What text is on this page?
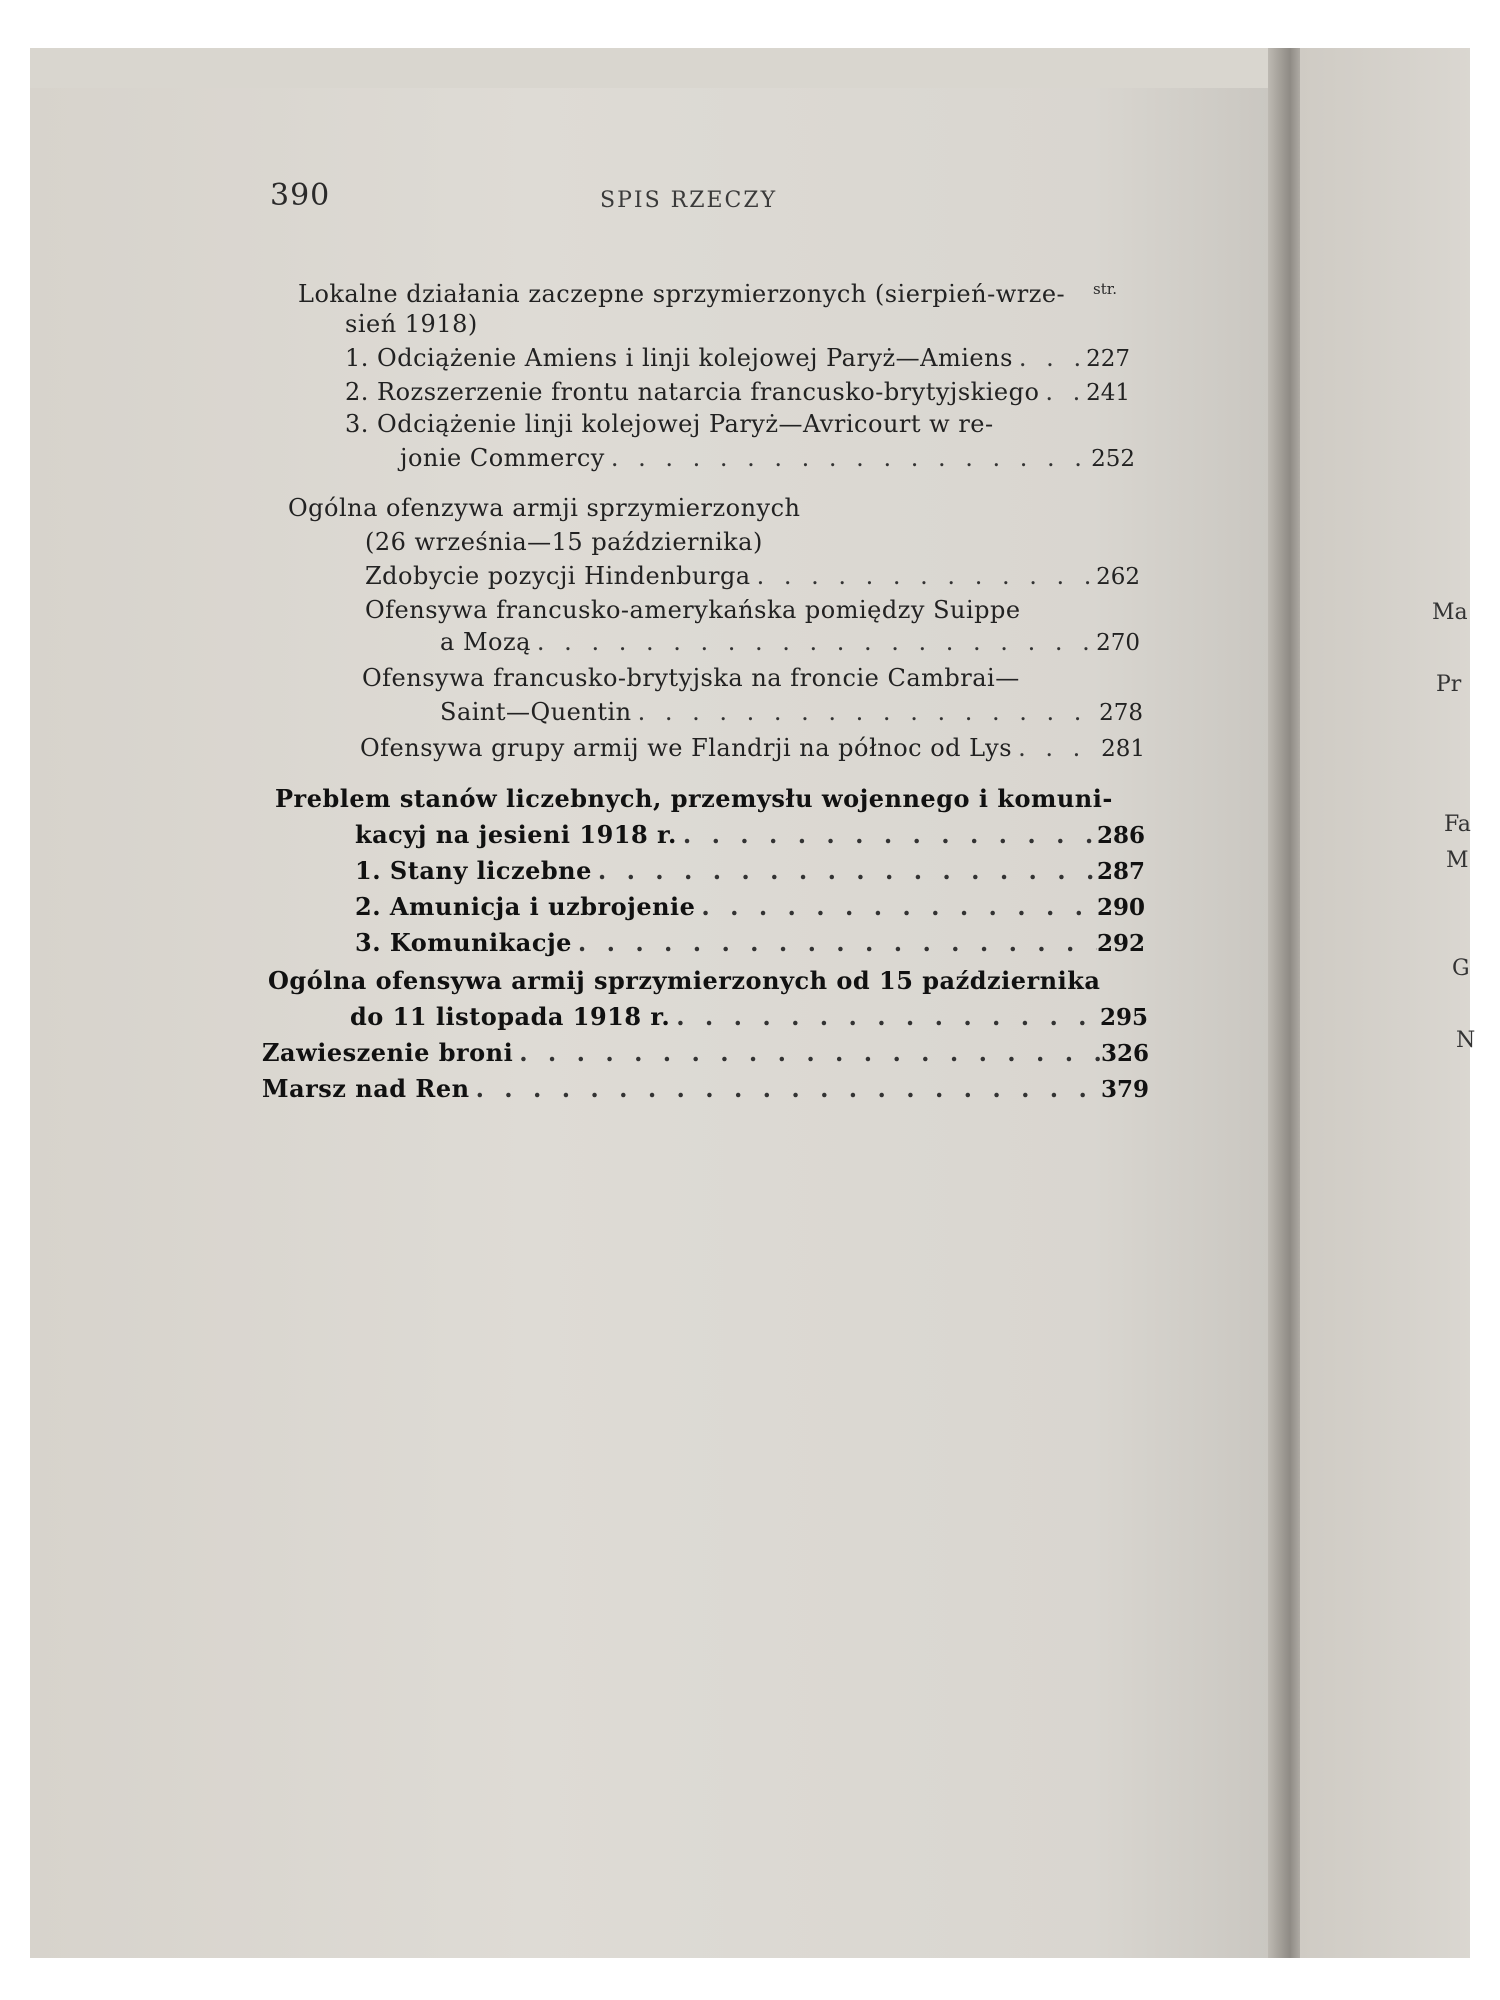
390	SPIS RZECZY
str.
Lokalne działania zaczepne sprzymierzonych (sierpień-wrze-
sień 1918)
1. Odciążenie Amiens i linji kolejowej Paryż—Amiens . . .	227
2. Rozszerzenie frontu natarcia francusko-brytyjskiego . . . 241
3. Odciążenie linji kolejowej Paryż—Avricourt w re-
jonie Commercy . . .	252
Ogólna ofenzywa armji sprzymierzonych
(26 września—15 października)
Zdobycie pozycji Hindenburga . . .	262
Ofensywa francusko-amerykańska pomiędzy Suippe
a Mozą . . .	270
Ofensywa francusko-brytyjska na froncie Cambrai—
Saint—Quentin . . .	278
Ofensywa grupy armij we Flandrji na północ od Lys . . .	281
Preblem stanów liczebnych, przemysłu wojennego i komuni-
kacyj na jesieni 1918 r. . . .	286
1. Stany liczebne . . .	287
2. Amunicja i uzbrojenie . . .	290
3. Komunikacje . . .	292
Ogólna ofensywa armij sprzymierzonych od 15 października
do 11 listopada 1918 r. . . .	295
Zawieszenie broni . . .	326
Marsz nad Ren . . .	379
Ma
Pr
Fa
M
G
N
